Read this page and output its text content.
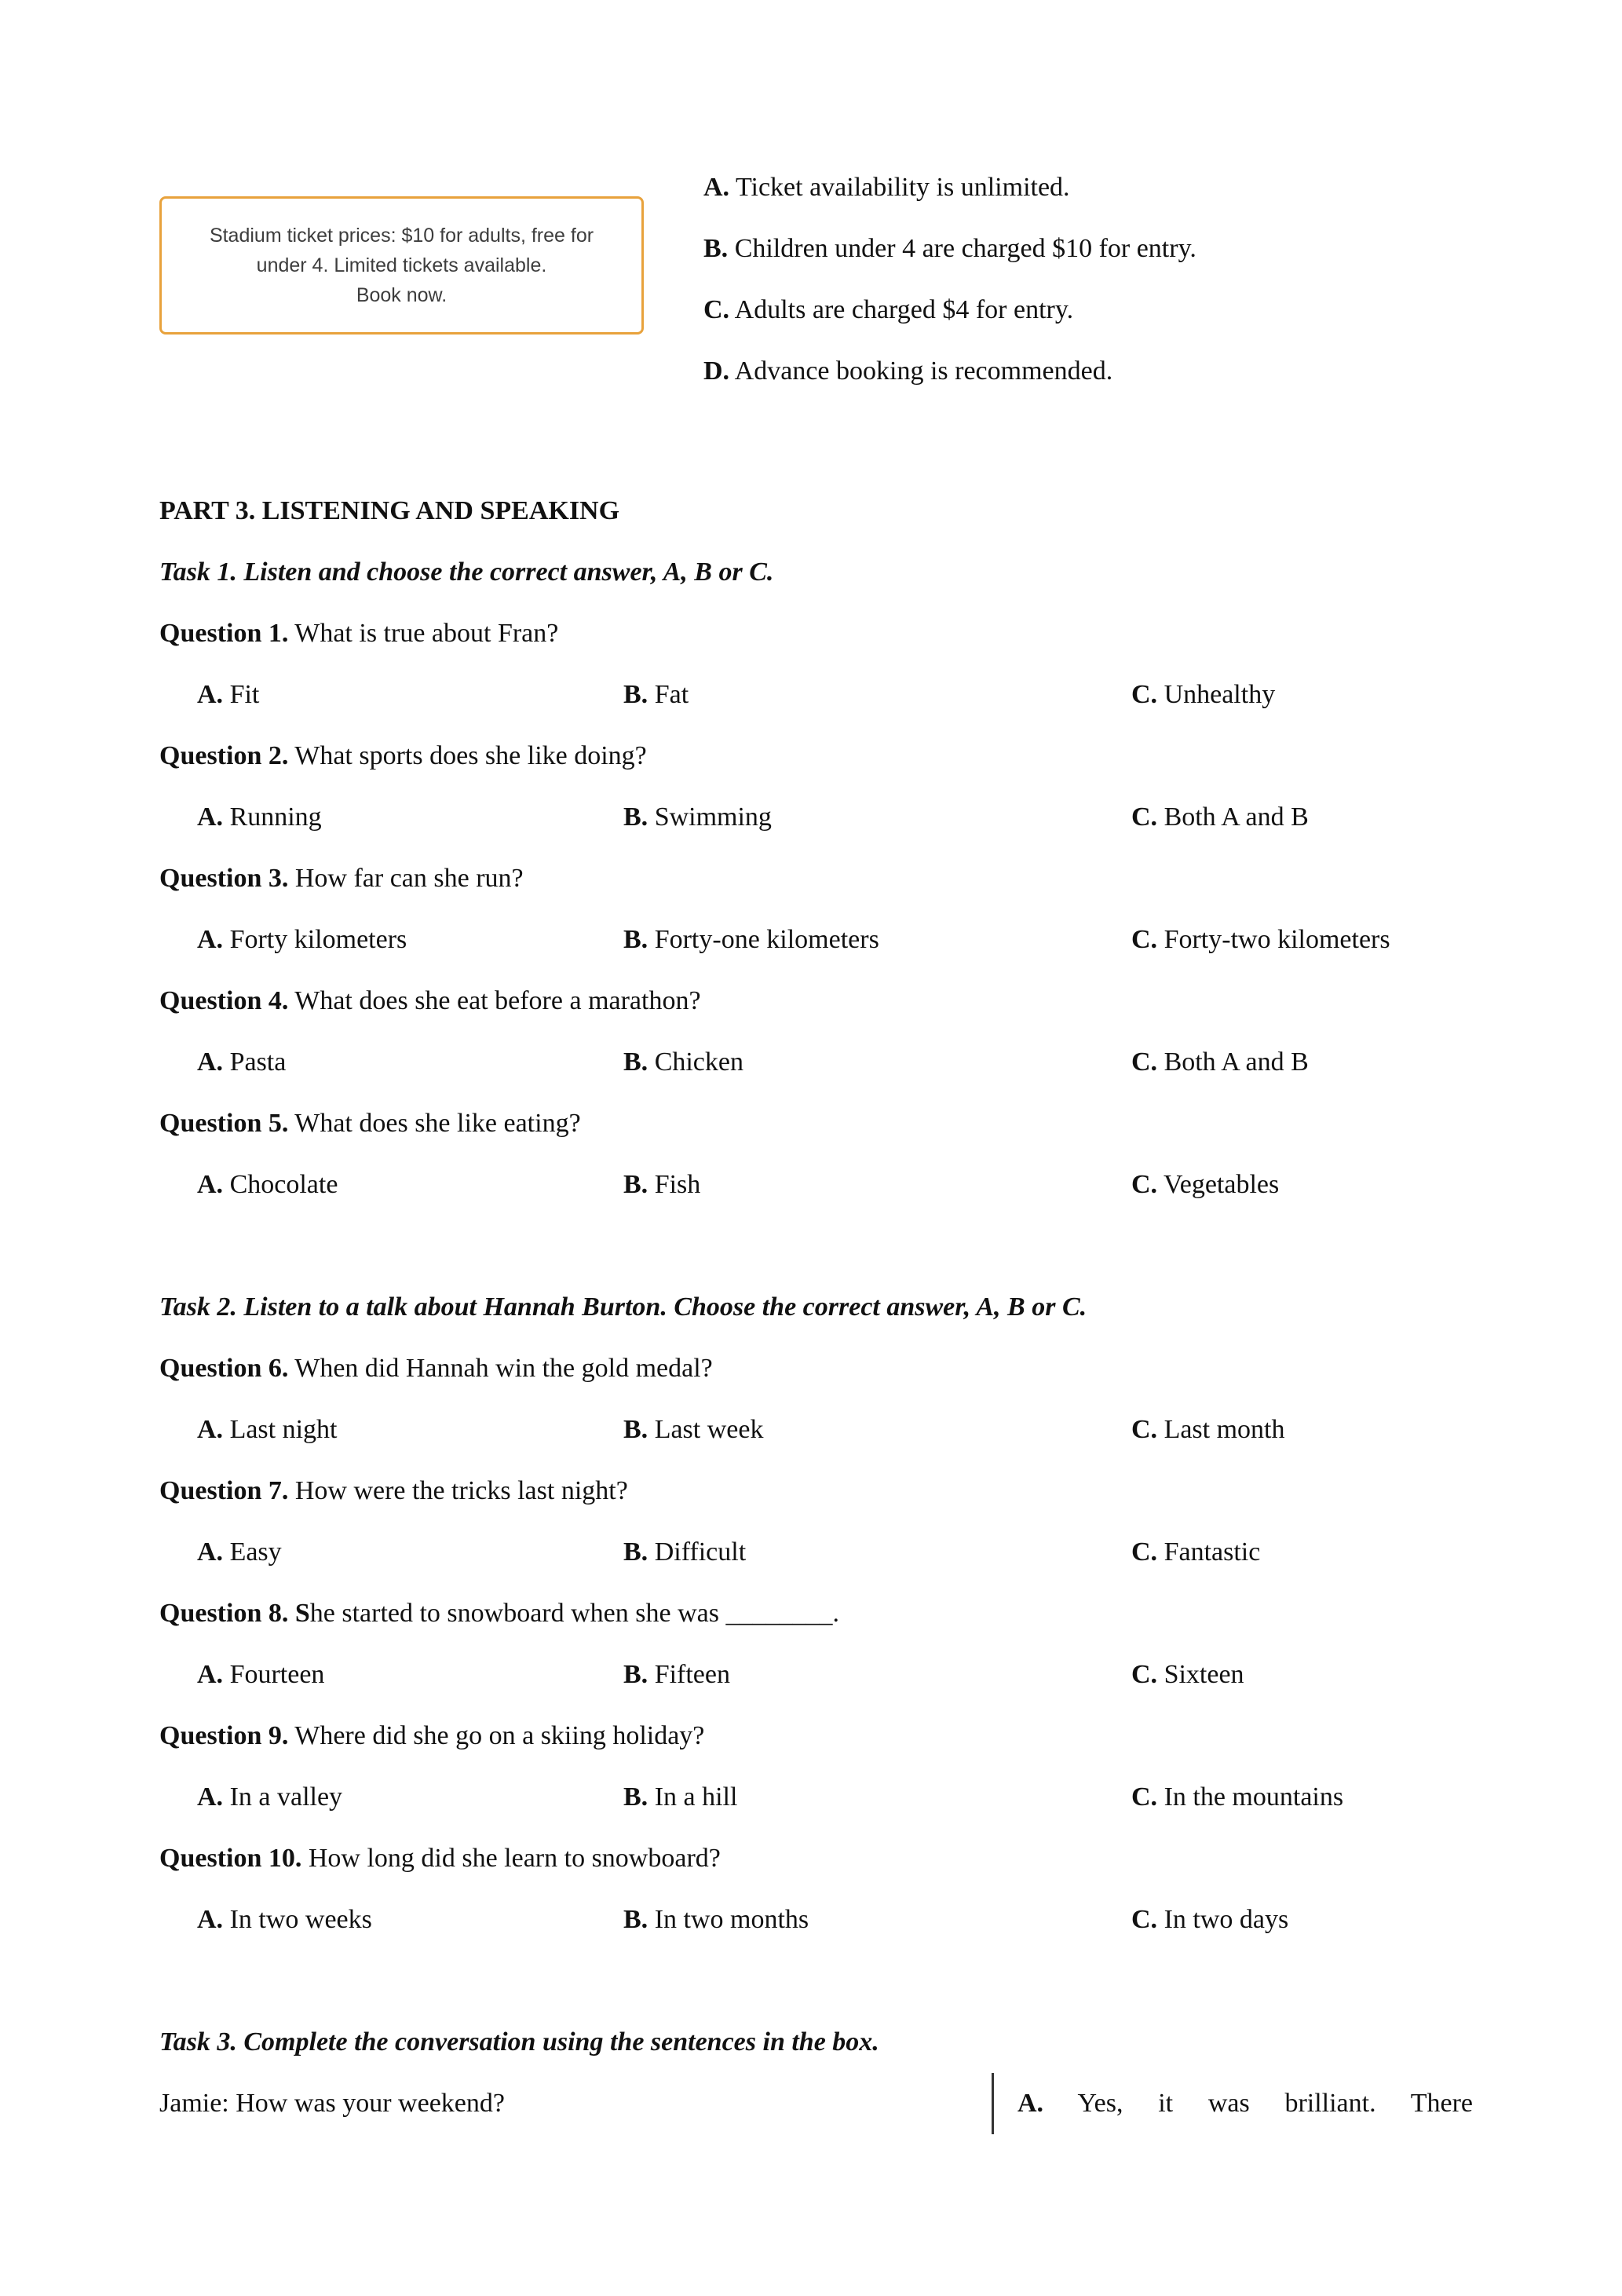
Stadium ticket prices: $10 for adults, free for
under 4. Limited tickets available.
Book now.
A. Ticket availability is unlimited.
B. Children under 4 are charged $10 for entry.
C. Adults are charged $4 for entry.
D. Advance booking is recommended.
PART 3. LISTENING AND SPEAKING
Task 1. Listen and choose the correct answer, A, B or C.
Question 1. What is true about Fran?
A. Fit	B. Fat	C. Unhealthy
Question 2. What sports does she like doing?
A. Running	B. Swimming	C. Both A and B
Question 3. How far can she run?
A. Forty kilometers	B. Forty-one kilometers	C. Forty-two kilometers
Question 4. What does she eat before a marathon?
A. Pasta	B. Chicken	C. Both A and B
Question 5. What does she like eating?
A. Chocolate	B. Fish	C. Vegetables
Task 2. Listen to a talk about Hannah Burton. Choose the correct answer, A, B or C.
Question 6. When did Hannah win the gold medal?
A. Last night	B. Last week	C. Last month
Question 7. How were the tricks last night?
A. Easy	B. Difficult	C. Fantastic
Question 8. She started to snowboard when she was ________.
A. Fourteen	B. Fifteen	C. Sixteen
Question 9. Where did she go on a skiing holiday?
A. In a valley	B. In a hill	C. In the mountains
Question 10. How long did she learn to snowboard?
A. In two weeks	B. In two months	C. In two days
Task 3. Complete the conversation using the sentences in the box.
Jamie: How was your weekend?	A. Yes, it was brilliant. There
